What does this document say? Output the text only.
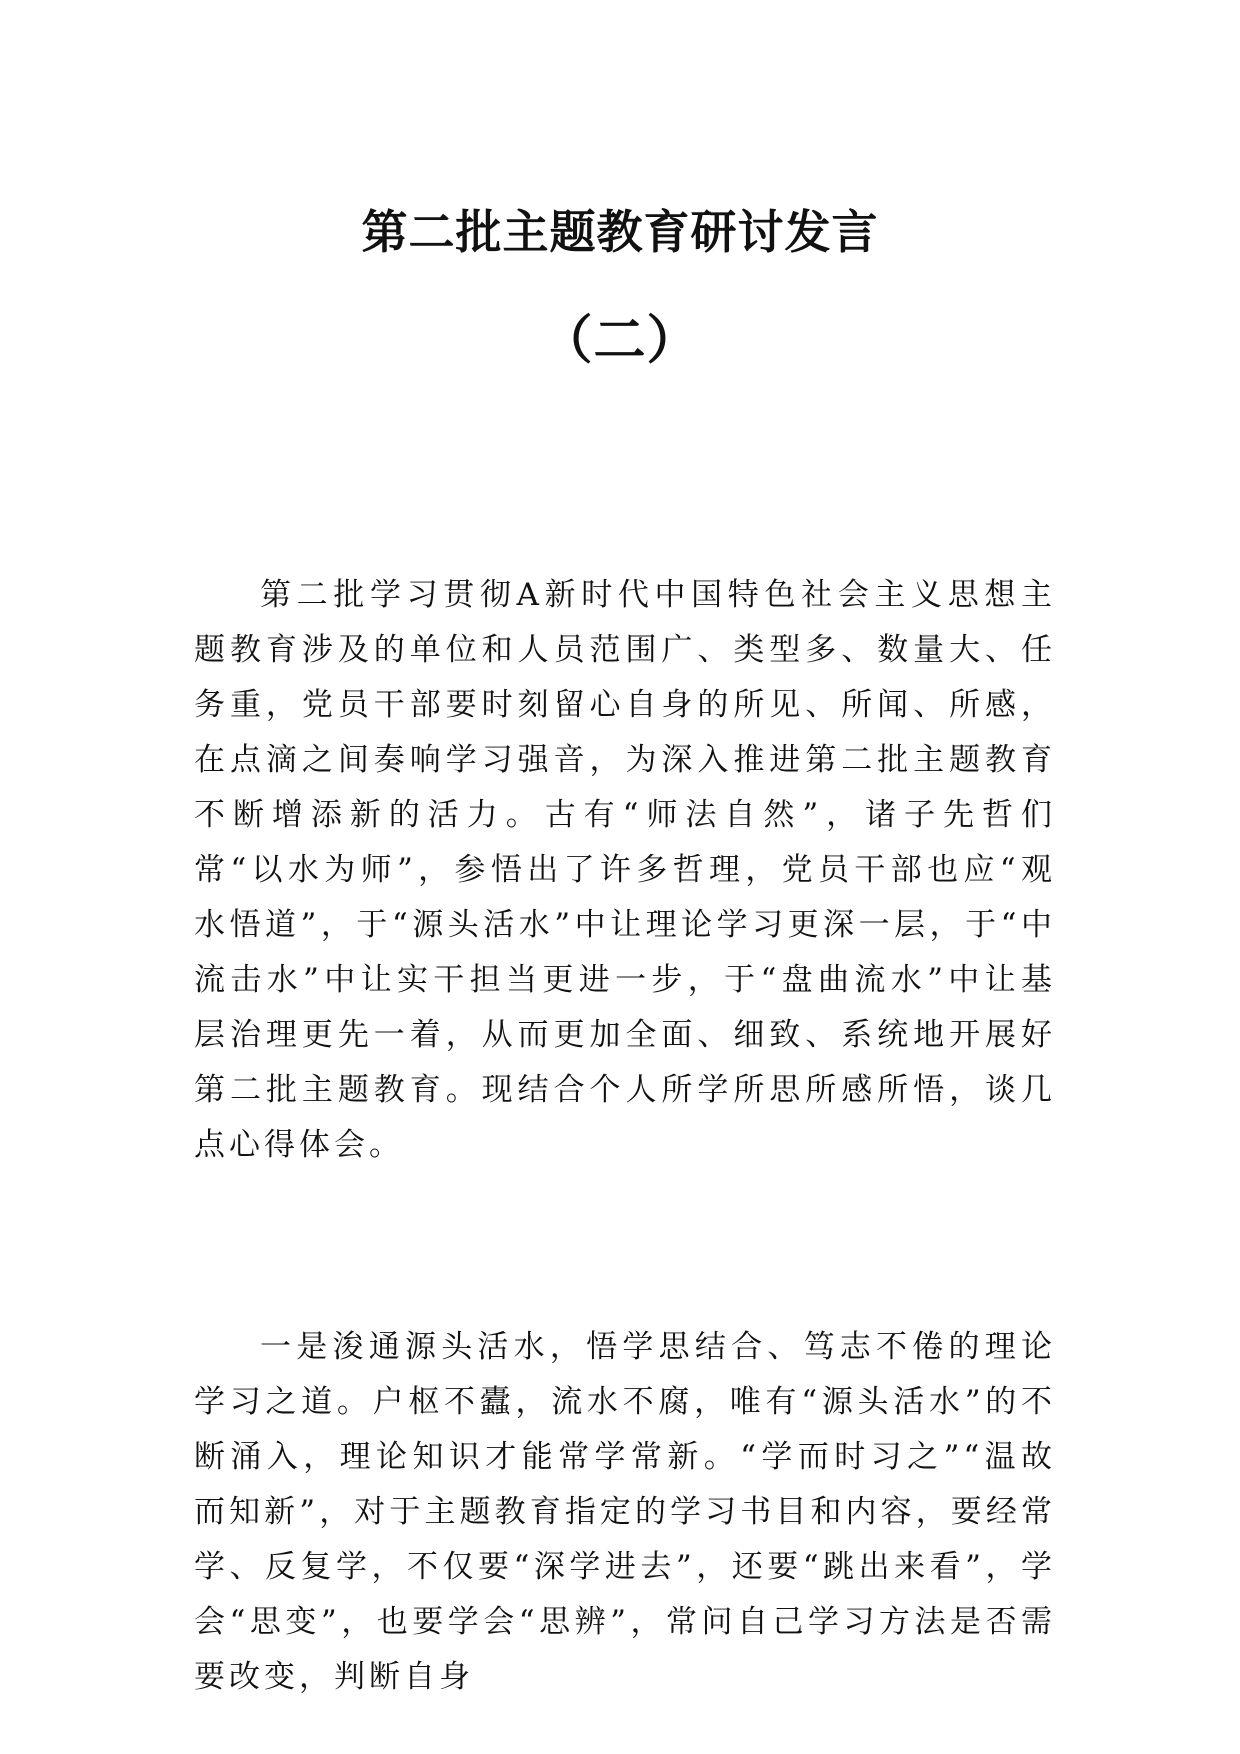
第二批主题教育研讨发言
（二）

第二批学习贯彻A新时代中国特色社会主义思想主题教育涉及的单位和人员范围广、类型多、数量大、任务重，党员干部要时刻留心自身的所见、所闻、所感，在点滴之间奏响学习强音，为深入推进第二批主题教育不断增添新的活力。古有“师法自然”，诸子先哲们常“以水为师”，参悟出了许多哲理，党员干部也应“观水悟道”，于“源头活水”中让理论学习更深一层，于“中流击水”中让实干担当更进一步，于“盘曲流水”中让基层治理更先一着，从而更加全面、细致、系统地开展好第二批主题教育。现结合个人所学所思所感所悟，谈几点心得体会。

一是浚通源头活水，悟学思结合、笃志不倦的理论学习之道。户枢不蠹，流水不腐，唯有“源头活水”的不断涌入，理论知识才能常学常新。“学而时习之”“温故而知新”，对于主题教育指定的学习书目和内容，要经常学、反复学，不仅要“深学进去”，还要“跳出来看”，学会“思变”，也要学会“思辨”，常问自己学习方法是否需要改变，判断自身
